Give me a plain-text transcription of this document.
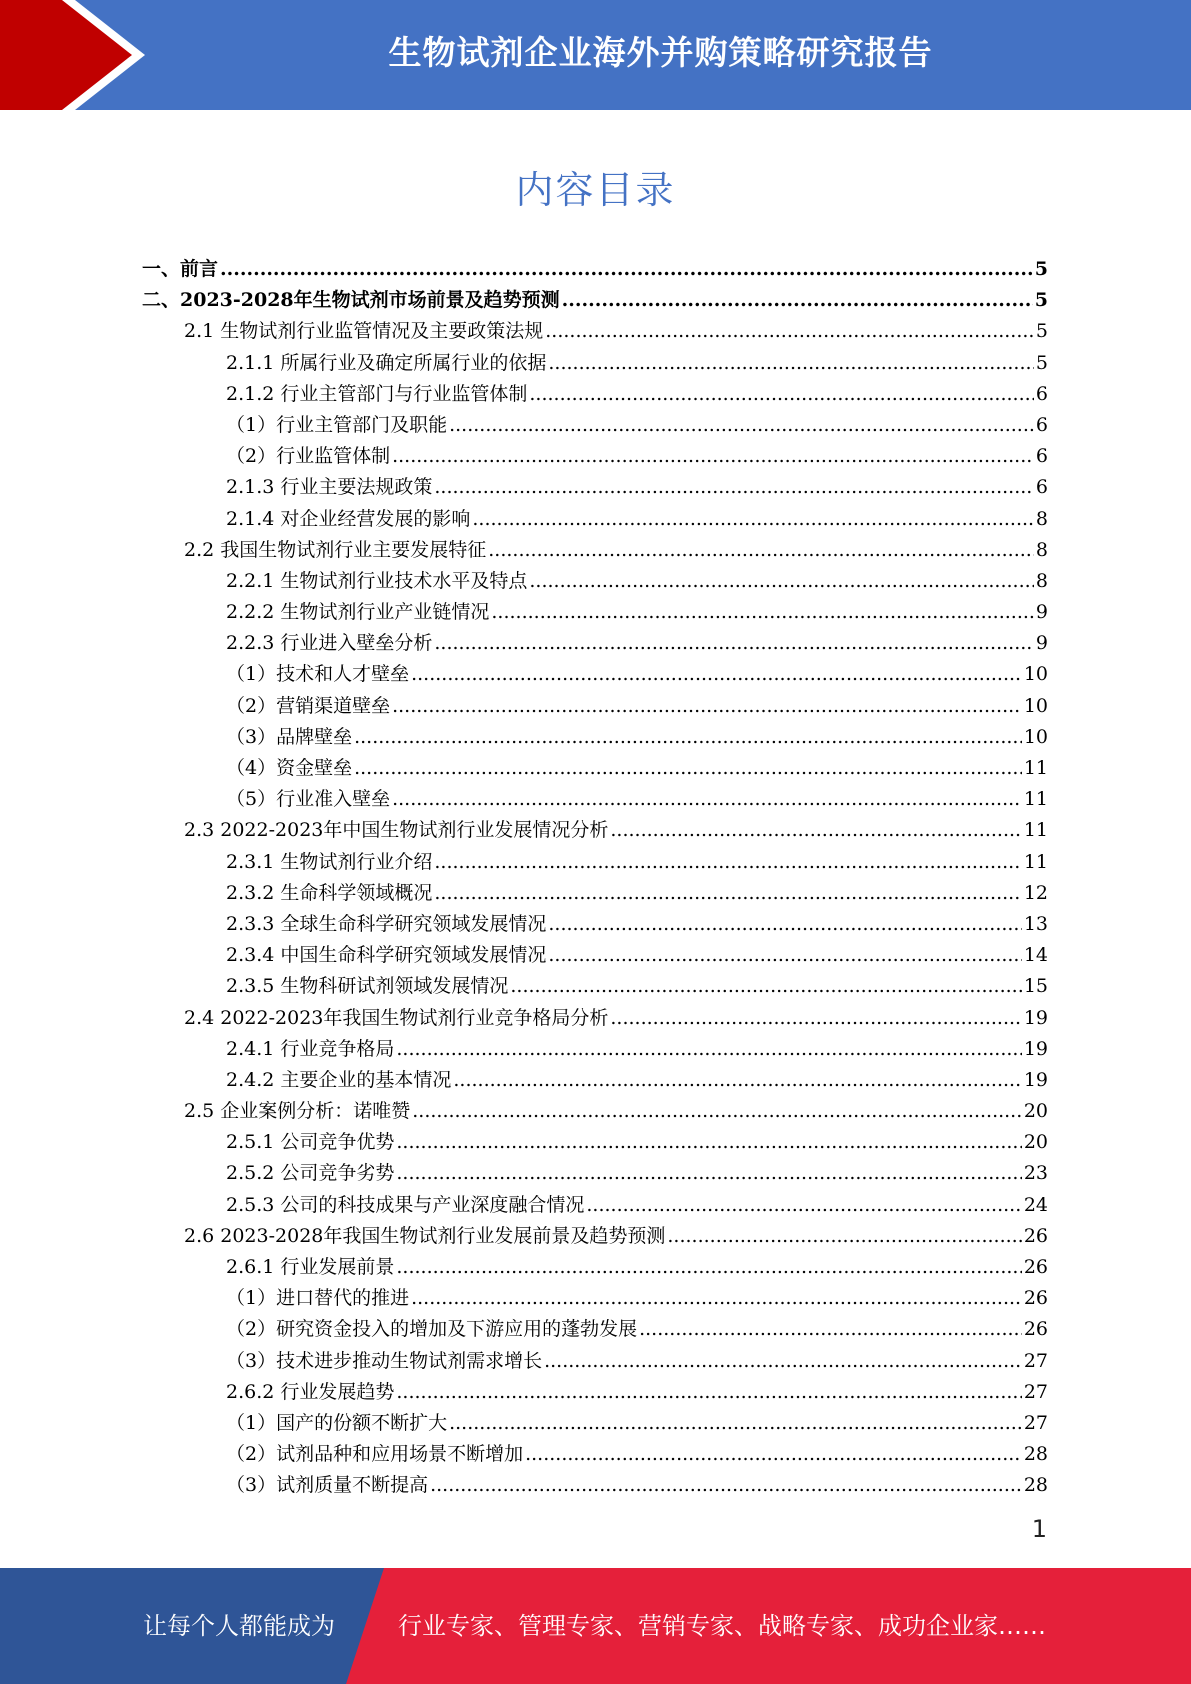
生物试剂企业海外并购策略研究报告
内容目录
一、前言 .....	5
二、2023-2028年生物试剂市场前景及趋势预测 .....	5
2.1 生物试剂行业监管情况及主要政策法规 .....	5
2.1.1 所属行业及确定所属行业的依据 .....	5
2.1.2 行业主管部门与行业监管体制 .....	6
（1）行业主管部门及职能 .....	6
（2）行业监管体制 .....	6
2.1.3 行业主要法规政策 .....	6
2.1.4 对企业经营发展的影响 .....	8
2.2 我国生物试剂行业主要发展特征 .....	8
2.2.1 生物试剂行业技术水平及特点 .....	8
2.2.2 生物试剂行业产业链情况 .....	9
2.2.3 行业进入壁垒分析 .....	9
（1）技术和人才壁垒 .....	10
（2）营销渠道壁垒 .....	10
（3）品牌壁垒 .....	10
（4）资金壁垒 .....	11
（5）行业准入壁垒 .....	11
2.3 2022-2023年中国生物试剂行业发展情况分析 .....	11
2.3.1 生物试剂行业介绍 .....	11
2.3.2 生命科学领域概况 .....	12
2.3.3 全球生命科学研究领域发展情况 .....	13
2.3.4 中国生命科学研究领域发展情况 .....	14
2.3.5 生物科研试剂领域发展情况 .....	15
2.4 2022-2023年我国生物试剂行业竞争格局分析 .....	19
2.4.1 行业竞争格局 .....	19
2.4.2 主要企业的基本情况 .....	19
2.5 企业案例分析：诺唯赞 .....	20
2.5.1 公司竞争优势 .....	20
2.5.2 公司竞争劣势 .....	23
2.5.3 公司的科技成果与产业深度融合情况 .....	24
2.6 2023-2028年我国生物试剂行业发展前景及趋势预测 .....	26
2.6.1 行业发展前景 .....	26
（1）进口替代的推进 .....	26
（2）研究资金投入的增加及下游应用的蓬勃发展 .....	26
（3）技术进步推动生物试剂需求增长 .....	27
2.6.2 行业发展趋势 .....	27
（1）国产的份额不断扩大 .....	27
（2）试剂品种和应用场景不断增加 .....	28
（3）试剂质量不断提高 .....	28
1
让每个人都能成为	行业专家、管理专家、营销专家、战略专家、成功企业家……
